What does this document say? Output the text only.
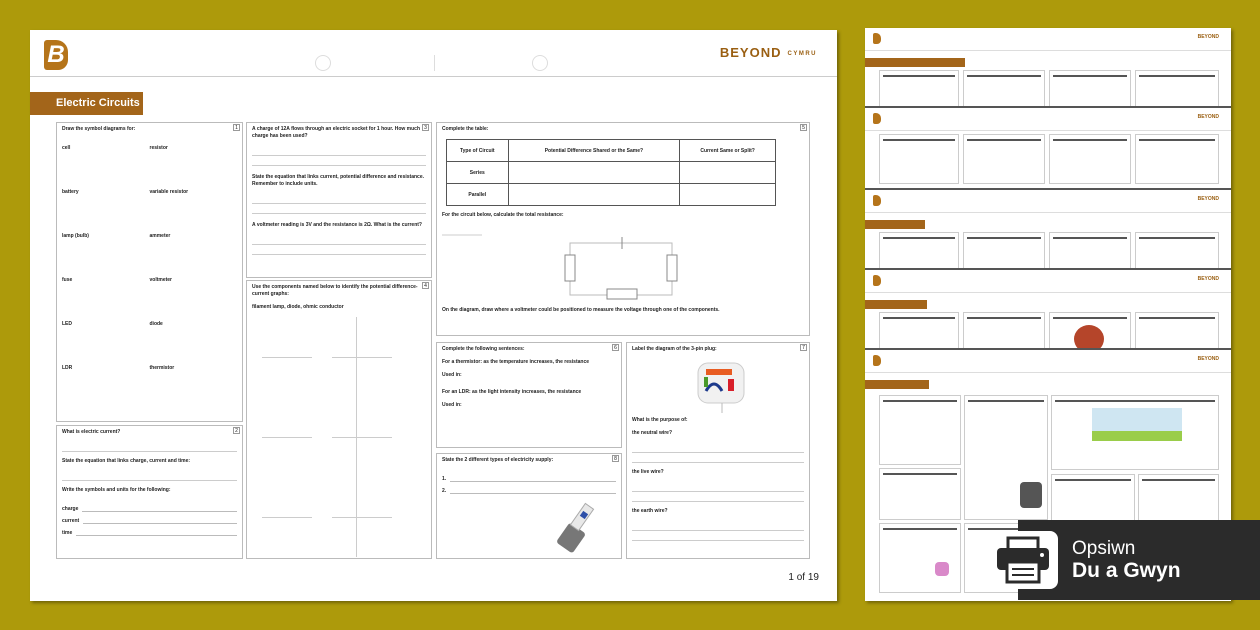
B	BEYOND CYMRU
Electric Circuits
1
Draw the symbol diagrams for:
cell	resistor
battery	variable resistor
lamp (bulb)	ammeter
fuse	voltmeter
LED	diode
LDR	thermistor
2
What is electric current?
State the equation that links charge, current and time:
Write the symbols and units for the following:
charge
current
time
3
A charge of 12A flows through an electric socket for 1 hour. How much charge has been used?
State the equation that links current, potential difference and resistance. Remember to include units.
A voltmeter reading is 3V and the resistance is 2Ω. What is the current?
4
Use the components named below to identify the potential difference-current graphs:
filament lamp, diode, ohmic conductor
5
Complete the table:
Type of Circuit	Potential Difference Shared or the Same?	Current Same or Split?
Series		
Parallel		
For the circuit below, calculate the total resistance:
On the diagram, draw where a voltmeter could be positioned to measure the voltage through one of the components.
6
Complete the following sentences:
For a thermistor: as the temperature increases, the resistance
Used in:
For an LDR: as the light intensity increases, the resistance
Used in:
8
State the 2 different types of electricity supply:
1.
2.
7
Label the diagram of the 3-pin plug:
What is the purpose of:
the neutral wire?
the live wire?
the earth wire?
1 of 19
BEYOND
BEYOND
BEYOND
BEYOND
BEYOND
Opsiwn
Du a Gwyn
